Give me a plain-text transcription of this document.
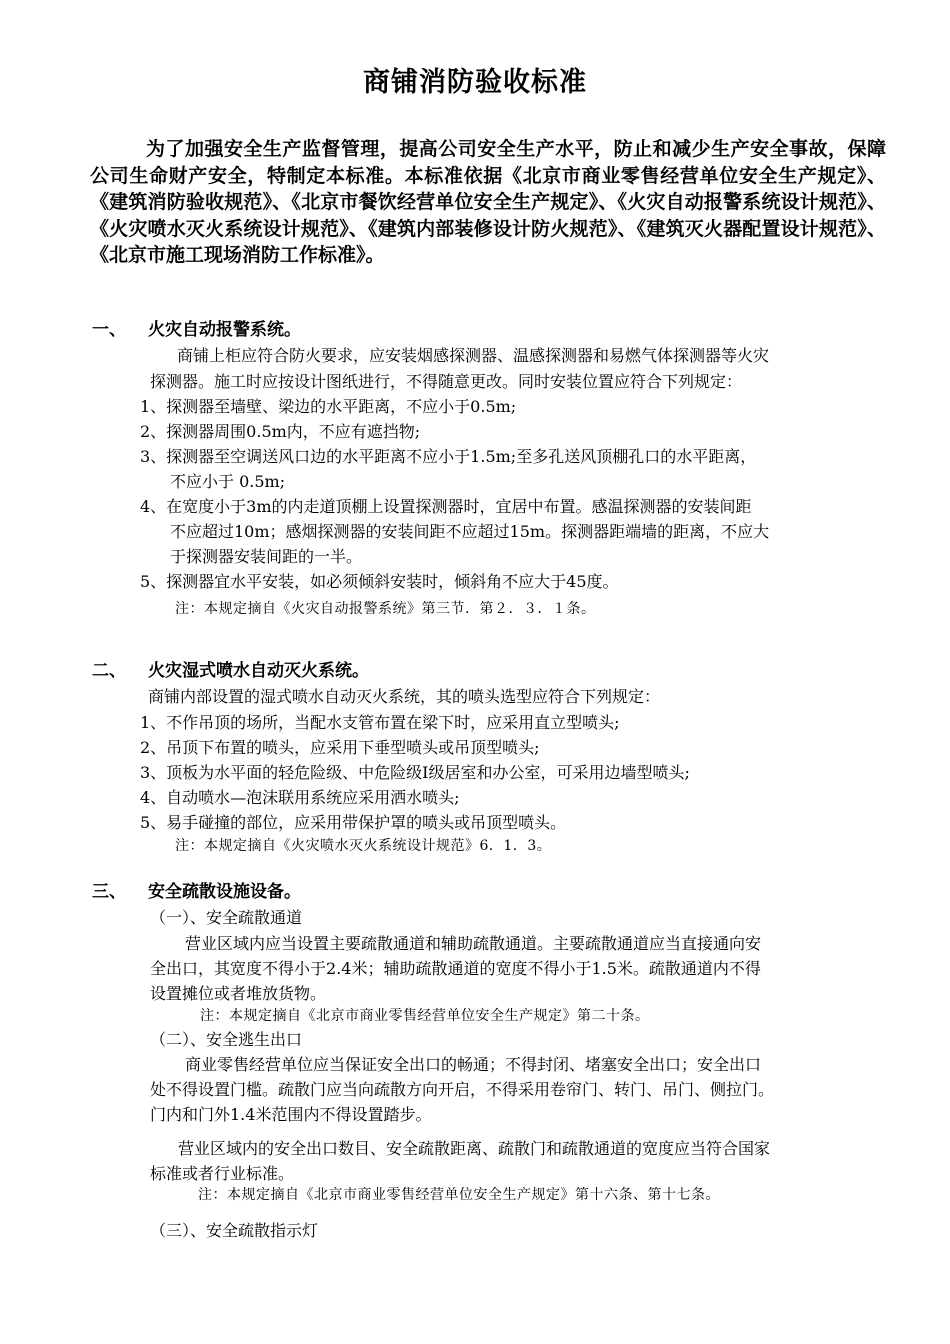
商铺消防验收标准
为了加强安全生产监督管理，提高公司安全生产水平，防止和减少生产安全事故，保障公司生命财产安全，特制定本标准。本标准依据《北京市商业零售经营单位安全生产规定》、《建筑消防验收规范》、《北京市餐饮经营单位安全生产规定》、《火灾自动报警系统设计规范》、《火灾喷水灭火系统设计规范》、《建筑内部装修设计防火规范》、《建筑灭火器配置设计规范》、《北京市施工现场消防工作标准》。
一、 火灾自动报警系统。
商铺上柜应符合防火要求，应安装烟感探测器、温感探测器和易燃气体探测器等火灾
探测器。施工时应按设计图纸进行，不得随意更改。同时安装位置应符合下列规定：
1、探测器至墙壁、梁边的水平距离，不应小于0.5m;
2、探测器周围0.5m内，不应有遮挡物;
3、探测器至空调送风口边的水平距离不应小于1.5m;至多孔送风顶棚孔口的水平距离，
不应小于 0.5m;
4、在宽度小于3m的内走道顶棚上设置探测器时，宜居中布置。感温探测器的安装间距
不应超过10m；感烟探测器的安装间距不应超过15m。探测器距端墙的距离，不应大
于探测器安装间距的一半。
5、探测器宜水平安装，如必须倾斜安装时，倾斜角不应大于45度。
注：本规定摘自《火灾自动报警系统》第三节．第２．３．１条。
二、 火灾湿式喷水自动灭火系统。
商铺内部设置的湿式喷水自动灭火系统，其的喷头选型应符合下列规定：
1、不作吊顶的场所，当配水支管布置在梁下时，应采用直立型喷头;
2、吊顶下布置的喷头，应采用下垂型喷头或吊顶型喷头;
3、顶板为水平面的轻危险级、中危险级Ⅰ级居室和办公室，可采用边墙型喷头;
4、自动喷水—泡沫联用系统应采用洒水喷头;
5、易手碰撞的部位，应采用带保护罩的喷头或吊顶型喷头。
注：本规定摘自《火灾喷水灭火系统设计规范》6．1．3。
三、 安全疏散设施设备。
（一）、安全疏散通道
营业区域内应当设置主要疏散通道和辅助疏散通道。主要疏散通道应当直接通向安
全出口，其宽度不得小于2.4米；辅助疏散通道的宽度不得小于1.5米。疏散通道内不得
设置摊位或者堆放货物。
注：本规定摘自《北京市商业零售经营单位安全生产规定》第二十条。
（二）、安全逃生出口
商业零售经营单位应当保证安全出口的畅通；不得封闭、堵塞安全出口；安全出口
处不得设置门槛。疏散门应当向疏散方向开启，不得采用卷帘门、转门、吊门、侧拉门。
门内和门外1.4米范围内不得设置踏步。
营业区域内的安全出口数目、安全疏散距离、疏散门和疏散通道的宽度应当符合国家
标准或者行业标准。
注：本规定摘自《北京市商业零售经营单位安全生产规定》第十六条、第十七条。
（三）、安全疏散指示灯
